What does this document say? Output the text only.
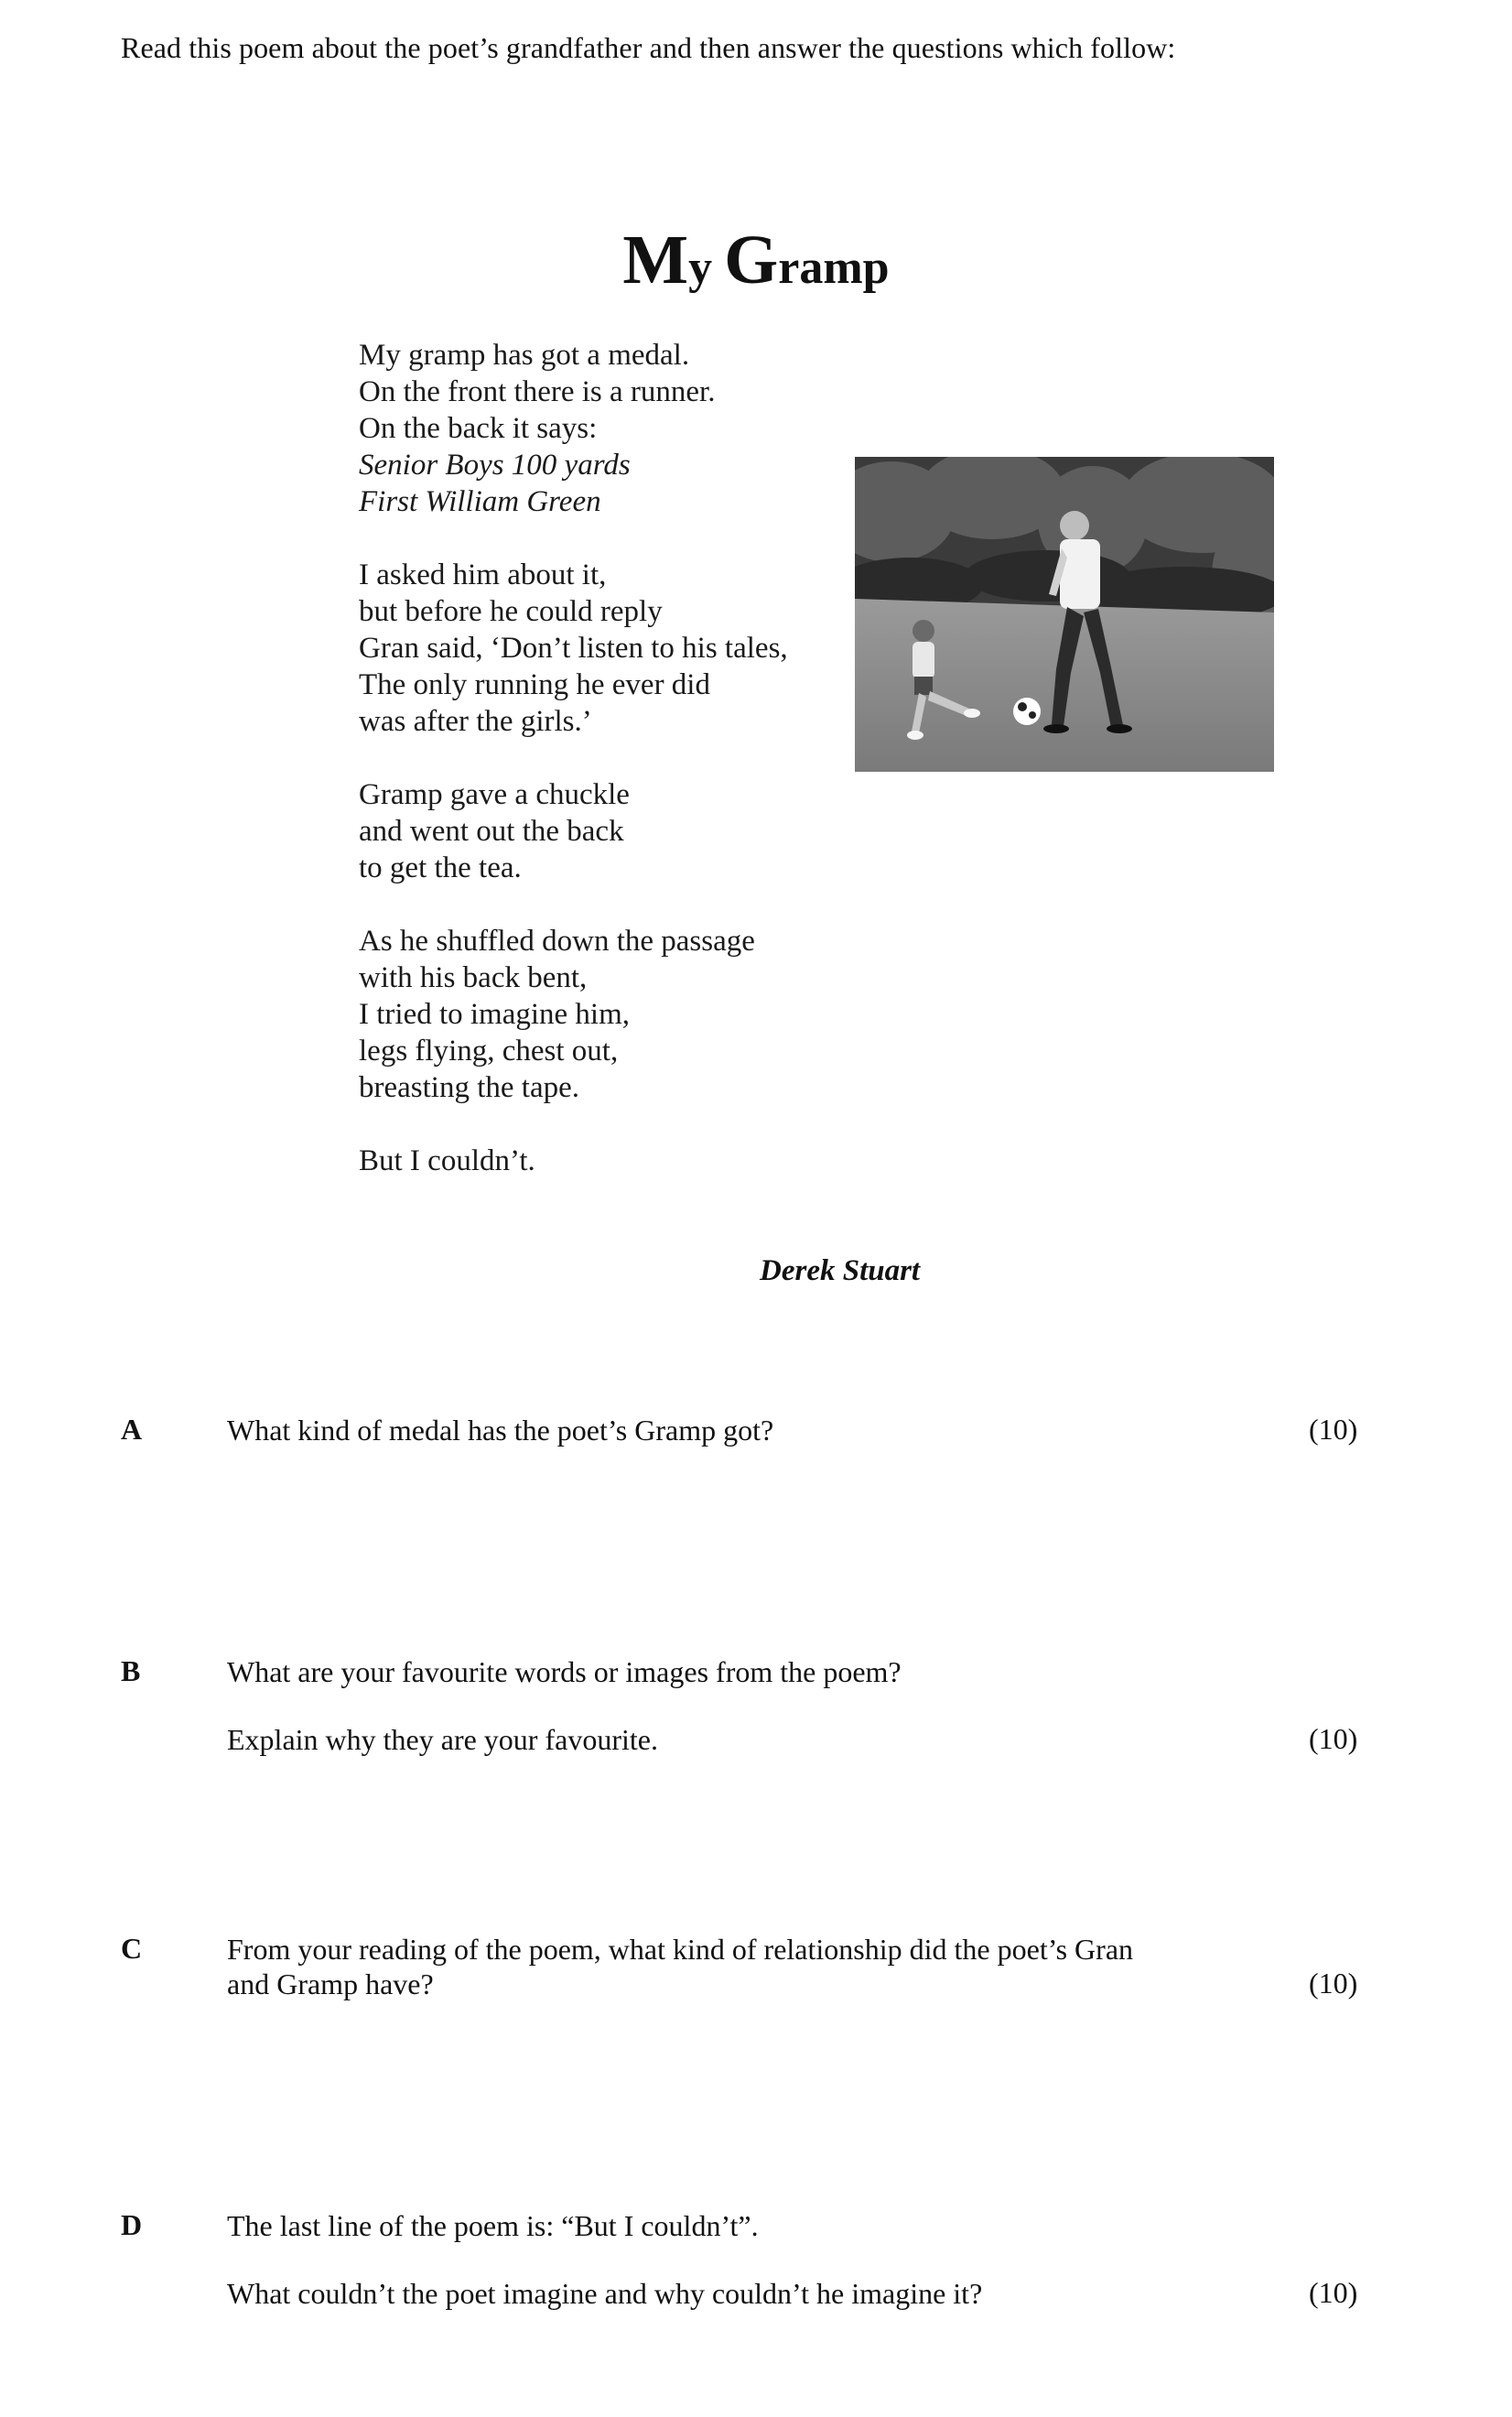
Read this poem about the poet’s grandfather and then answer the questions which follow:
My Gramp
My gramp has got a medal.
On the front there is a runner.
On the back it says:
Senior Boys 100 yards
First William Green
I asked him about it,
but before he could reply
Gran said, ‘Don’t listen to his tales,
The only running he ever did
was after the girls.’
Gramp gave a chuckle
and went out the back
to get the tea.
As he shuffled down the passage
with his back bent,
I tried to imagine him,
legs flying, chest out,
breasting the tape.
But I couldn’t.
Derek Stuart
A	What kind of medal has the poet’s Gramp got?	(10)
B	What are your favourite words or images from the poem?

Explain why they are your favourite.	(10)
C	From your reading of the poem, what kind of relationship did the poet’s Gran and Gramp have?	(10)
D	The last line of the poem is: “But I couldn’t”.

What couldn’t the poet imagine and why couldn’t he imagine it?	(10)
